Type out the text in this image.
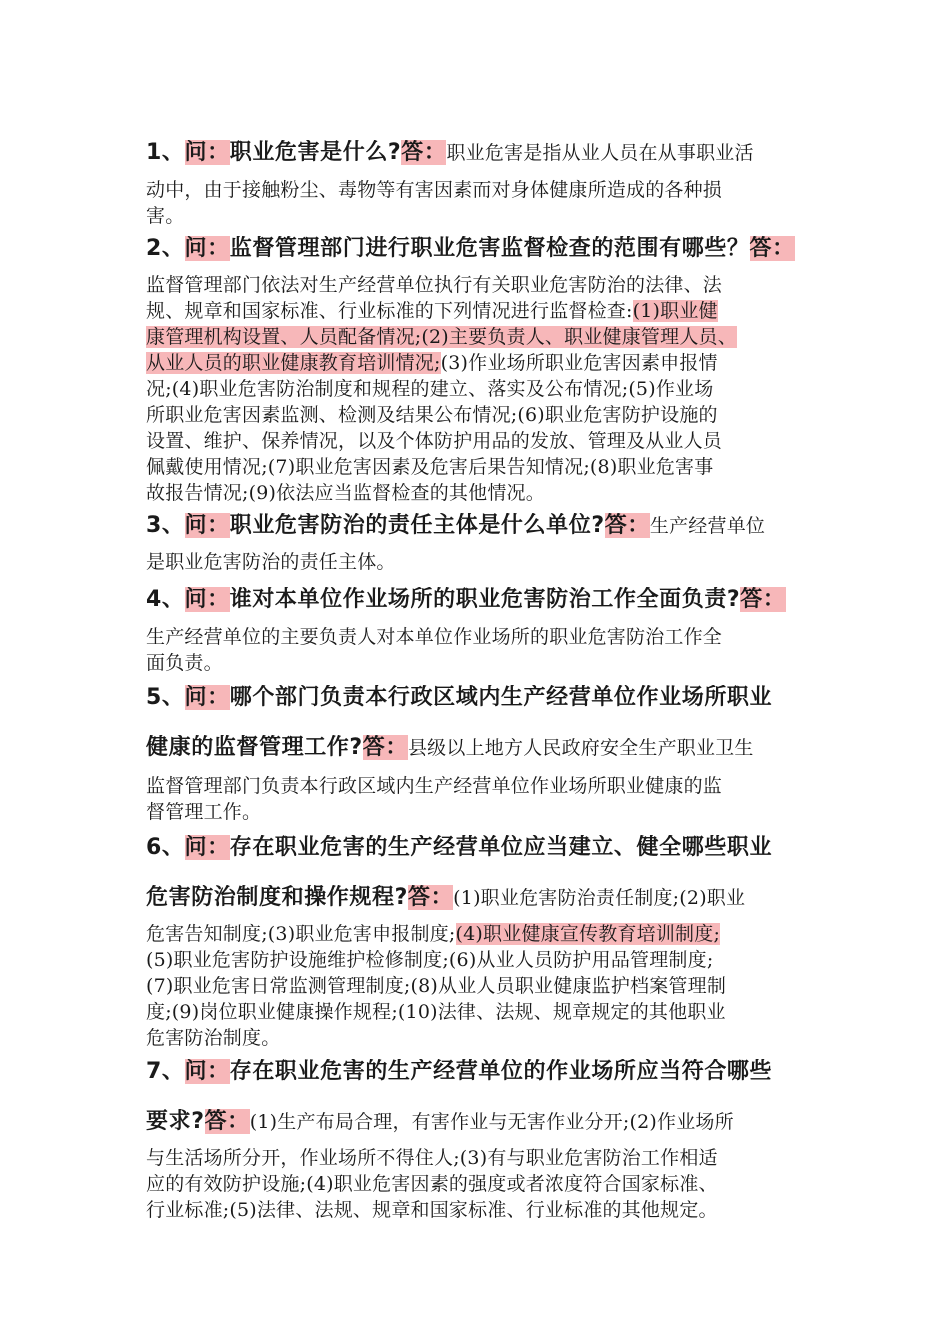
1、问：职业危害是什么?答：职业危害是指从业人员在从事职业活
动中，由于接触粉尘、毒物等有害因素而对身体健康所造成的各种损
害。
2、问：监督管理部门进行职业危害监督检查的范围有哪些？答：
监督管理部门依法对生产经营单位执行有关职业危害防治的法律、法
规、规章和国家标准、行业标准的下列情况进行监督检查:(1)职业健
康管理机构设置、人员配备情况;(2)主要负责人、职业健康管理人员、
从业人员的职业健康教育培训情况;(3)作业场所职业危害因素申报情
况;(4)职业危害防治制度和规程的建立、落实及公布情况;(5)作业场
所职业危害因素监测、检测及结果公布情况;(6)职业危害防护设施的
设置、维护、保养情况，以及个体防护用品的发放、管理及从业人员
佩戴使用情况;(7)职业危害因素及危害后果告知情况;(8)职业危害事
故报告情况;(9)依法应当监督检查的其他情况。
3、问：职业危害防治的责任主体是什么单位?答：生产经营单位
是职业危害防治的责任主体。
4、问：谁对本单位作业场所的职业危害防治工作全面负责?答：
生产经营单位的主要负责人对本单位作业场所的职业危害防治工作全
面负责。
5、问：哪个部门负责本行政区域内生产经营单位作业场所职业
健康的监督管理工作?答：县级以上地方人民政府安全生产职业卫生
监督管理部门负责本行政区域内生产经营单位作业场所职业健康的监
督管理工作。
6、问：存在职业危害的生产经营单位应当建立、健全哪些职业
危害防治制度和操作规程?答：(1)职业危害防治责任制度;(2)职业
危害告知制度;(3)职业危害申报制度;(4)职业健康宣传教育培训制度;
(5)职业危害防护设施维护检修制度;(6)从业人员防护用品管理制度;
(7)职业危害日常监测管理制度;(8)从业人员职业健康监护档案管理制
度;(9)岗位职业健康操作规程;(10)法律、法规、规章规定的其他职业
危害防治制度。
7、问：存在职业危害的生产经营单位的作业场所应当符合哪些
要求?答：(1)生产布局合理，有害作业与无害作业分开;(2)作业场所
与生活场所分开，作业场所不得住人;(3)有与职业危害防治工作相适
应的有效防护设施;(4)职业危害因素的强度或者浓度符合国家标准、
行业标准;(5)法律、法规、规章和国家标准、行业标准的其他规定。
